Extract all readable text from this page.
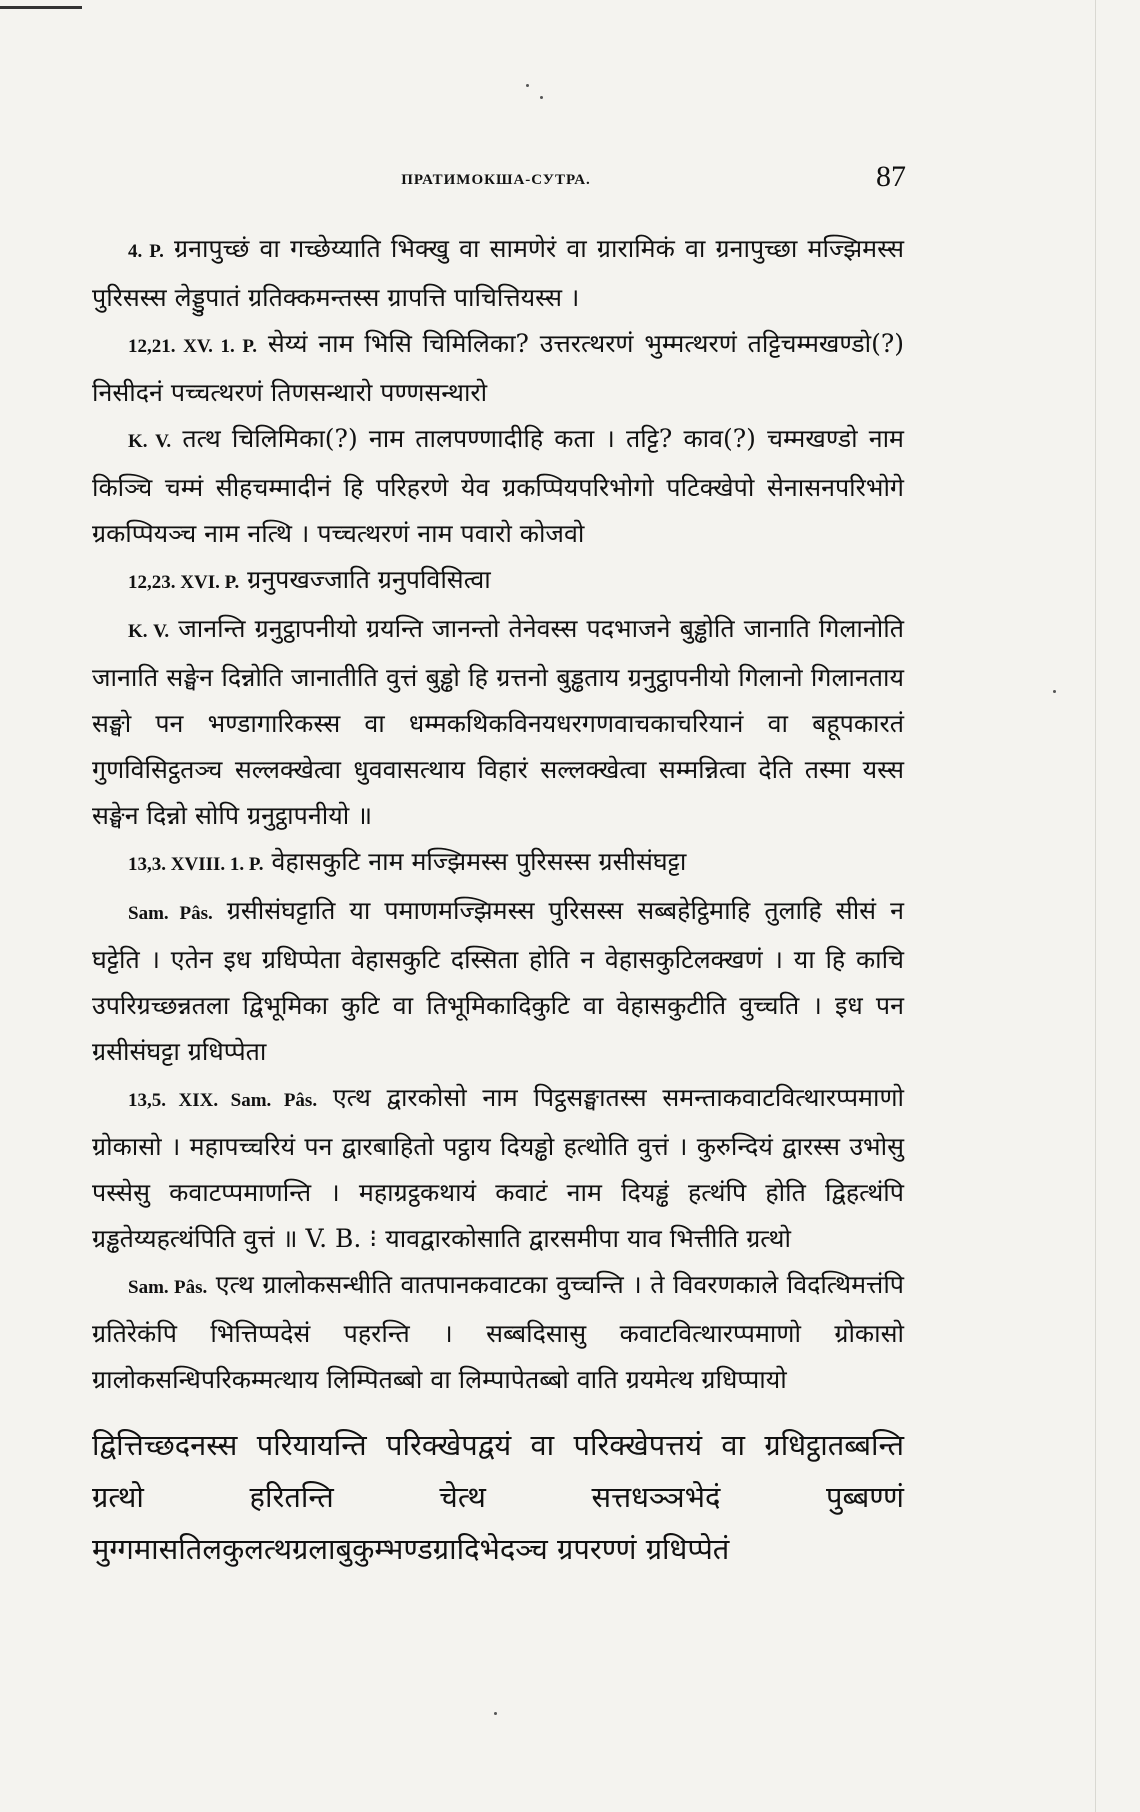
ПРАТИМОКША-СУТРА.	87

4. P. ग्रनापुच्छं वा गच्छेय्याति भिक्खु वा सामणेरं वा ग्रारामिकं वा ग्रनापुच्छा मज्झिमस्स पुरिसस्स लेड्डुपातं ग्रतिक्कमन्तस्स ग्रापत्ति पाचित्तियस्स ।

12,21. XV. 1. P. सेय्यं नाम भिसि चिमिलिका? उत्तरत्थरणं भुम्मत्थरणं तट्टिचम्मखण्डो(?) निसीदनं पच्चत्थरणं तिणसन्थारो पण्णसन्थारो

K. V. तत्थ चिलिमिका(?) नाम तालपण्णादीहि कता । तट्टि? काव(?) चम्मखण्डो नाम किञ्चि चम्मं सीहचम्मादीनं हि परिहरणे येव ग्रकप्पियपरिभोगो पटिक्खेपो सेनासनपरिभोगे ग्रकप्पियञ्च नाम नत्थि । पच्चत्थरणं नाम पवारो कोजवो

12,23. XVI. P. ग्रनुपखज्जाति ग्रनुपविसित्वा

K. V. जानन्ति ग्रनुट्ठापनीयो ग्रयन्ति जानन्तो तेनेवस्स पदभाजने बुड्ढोति जानाति गिलानोति जानाति सङ्घेन दिन्नोति जानातीति वुत्तं बुड्ढो हि ग्रत्तनो बुड्ढताय ग्रनुट्ठापनीयो गिलानो गिलानताय सङ्घो पन भण्डागारिकस्स वा धम्मकथिकविनयधरगणवाचकाचरियानं वा बहूपकारतं गुणविसिट्ठतञ्च सल्लक्खेत्वा धुववासत्थाय विहारं सल्लक्खेत्वा सम्मन्नित्वा देति तस्मा यस्स सङ्घेन दिन्नो सोपि ग्रनुट्ठापनीयो ॥

13,3. XVIII. 1. P. वेहासकुटि नाम मज्झिमस्स पुरिसस्स ग्रसीसंघट्टा

Sam. Pâs. ग्रसीसंघट्टाति या पमाणमज्झिमस्स पुरिसस्स सब्बहेट्ठिमाहि तुलाहि सीसं न घट्टेति । एतेन इध ग्रधिप्पेता वेहासकुटि दस्सिता होति न वेहासकुटिलक्खणं । या हि काचि उपरिग्रच्छन्नतला द्विभूमिका कुटि वा तिभूमिकादिकुटि वा वेहासकुटीति वुच्चति । इध पन ग्रसीसंघट्टा ग्रधिप्पेता

13,5. XIX. Sam. Pâs. एत्थ द्वारकोसो नाम पिट्ठसङ्घातस्स समन्ताकवाटवित्थारप्पमाणो ग्रोकासो । महापच्चरियं पन द्वारबाहितो पट्ठाय दियड्ढो हत्थोति वुत्तं । कुरुन्दियं द्वारस्स उभोसु पस्सेसु कवाटप्पमाणन्ति । महाग्रट्ठकथायं कवाटं नाम दियड्ढं हत्थंपि होति द्विहत्थंपि ग्रड्ढतेय्यहत्थंपिति वुत्तं ॥ V. B. ⁝ यावद्वारकोसाति द्वारसमीपा याव भित्तीति ग्रत्थो

Sam. Pâs. एत्थ ग्रालोकसन्धीति वातपानकवाटका वुच्चन्ति । ते विवरणकाले विदत्थिमत्तंपि ग्रतिरेकंपि भित्तिप्पदेसं पहरन्ति । सब्बदिसासु कवाटवित्थारप्पमाणो ग्रोकासो ग्रालोकसन्धिपरिकम्मत्थाय लिम्पितब्बो वा लिम्पापेतब्बो वाति ग्रयमेत्थ ग्रधिप्पायो

द्वित्तिच्छदनस्स परियायन्ति परिक्खेपद्वयं वा परिक्खेपत्तयं वा ग्रधिट्ठातब्बन्ति ग्रत्थो हरितन्ति चेत्थ सत्तधञ्ञभेदं पुब्बण्णं मुग्गमासतिलकुलत्थग्रलाबुकुम्भण्डग्रादिभेदञ्च ग्रपरण्णं ग्रधिप्पेतं
